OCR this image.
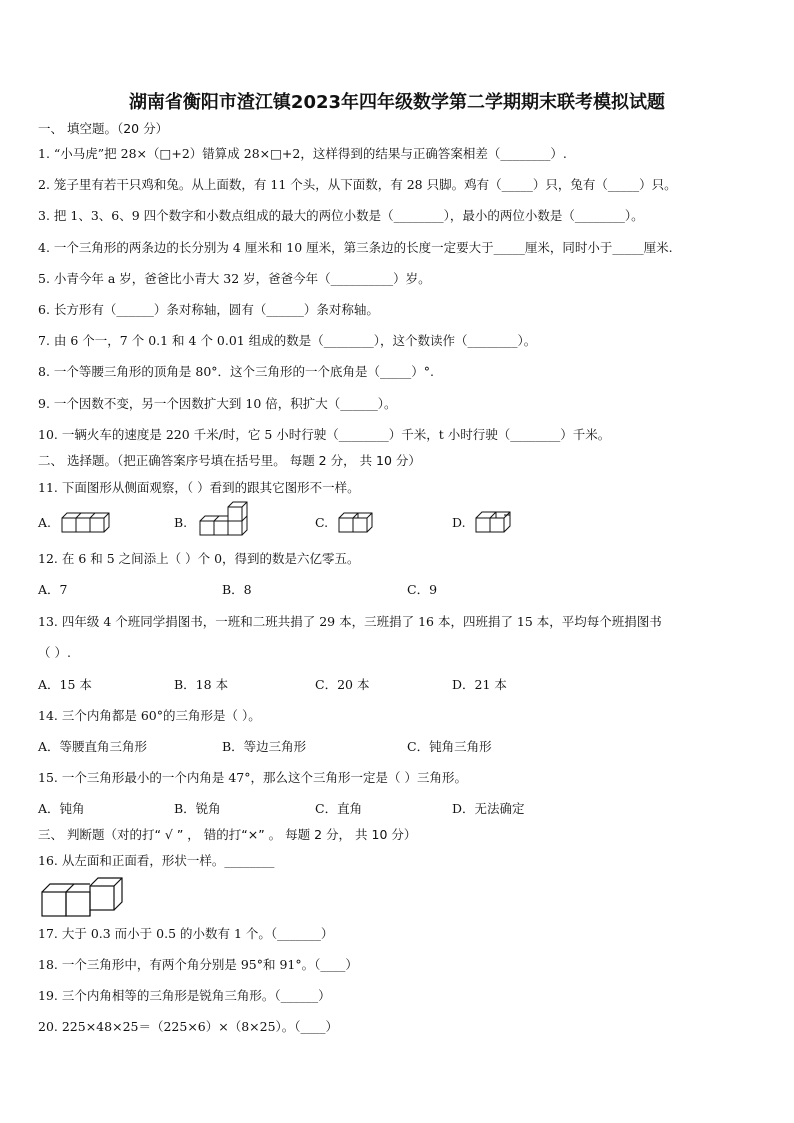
湖南省衡阳市渣江镇2023年四年级数学第二学期期末联考模拟试题
一、 填空题。（20 分）
1. “小马虎”把 28×（□+2）错算成 28×□+2，这样得到的结果与正确答案相差（________）.
2. 笼子里有若干只鸡和兔。从上面数，有 11 个头，从下面数，有 28 只脚。鸡有（_____）只，兔有（_____）只。
3. 把 1、3、6、9 四个数字和小数点组成的最大的两位小数是（________），最小的两位小数是（________）。
4. 一个三角形的两条边的长分别为 4 厘米和 10 厘米，第三条边的长度一定要大于_____厘米，同时小于_____厘米.
5. 小青今年 a 岁，爸爸比小青大 32 岁，爸爸今年（__________）岁。
6. 长方形有（______）条对称轴，圆有（______）条对称轴。
7. 由 6 个一，7 个 0.1 和 4 个 0.01 组成的数是（________），这个数读作（________）。
8. 一个等腰三角形的顶角是 80°．这个三角形的一个底角是（_____）°.
9. 一个因数不变，另一个因数扩大到 10 倍，积扩大（______）。
10. 一辆火车的速度是 220 千米/时，它 5 小时行驶（________）千米，t 小时行驶（________）千米。
二、 选择题。（把正确答案序号填在括号里。 每题 2 分， 共 10 分）
11. 下面图形从侧面观察，（ ）看到的跟其它图形不一样。
A.	B.	C.	D.
12. 在 6 和 5 之间添上（ ）个 0，得到的数是六亿零五。
A．7	B．8	C．9
13. 四年级 4 个班同学捐图书，一班和二班共捐了 29 本，三班捐了 16 本，四班捐了 15 本，平均每个班捐图书
（ ）.
A．15 本	B．18 本	C．20 本	D．21 本
14. 三个内角都是 60°的三角形是（ ）。
A．等腰直角三角形	B．等边三角形	C．钝角三角形
15. 一个三角形最小的一个内角是 47°，那么这个三角形一定是（ ）三角形。
A．钝角	B．锐角	C．直角	D．无法确定
三、 判断题（对的打“ √ ” ， 错的打“×” 。 每题 2 分， 共 10 分）
16. 从左面和正面看，形状一样。________
17. 大于 0.3 而小于 0.5 的小数有 1 个。（_______）
18. 一个三角形中，有两个角分别是 95°和 91°。（____）
19. 三个内角相等的三角形是锐角三角形。（______）
20. 225×48×25＝（225×6）×（8×25）。（____）
